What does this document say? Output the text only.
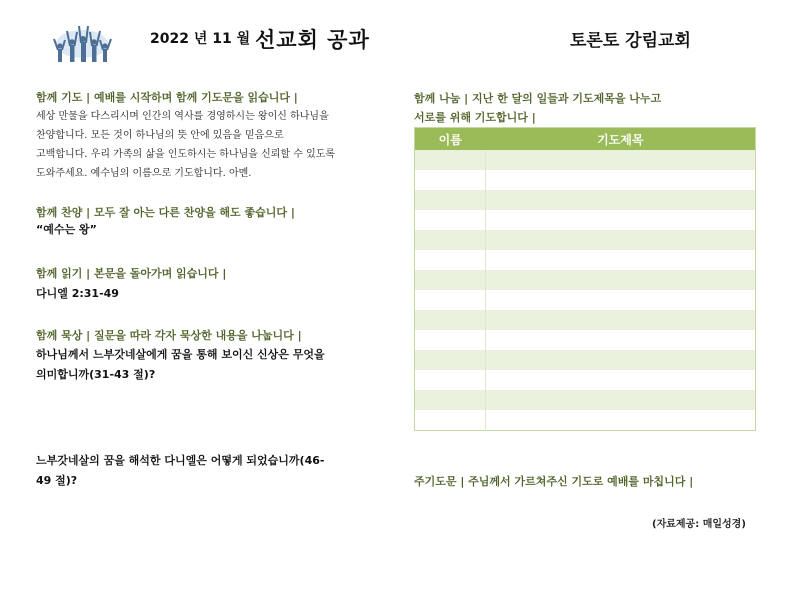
2022 년 11 월 선교회 공과	토론토 강림교회
함께 기도 | 예배를 시작하며 함께 기도문을 읽습니다 |
세상 만물을 다스리시며 인간의 역사를 경영하시는 왕이신 하나님을
찬양합니다. 모든 것이 하나님의 뜻 안에 있음을 믿음으로
고백합니다. 우리 가족의 삶을 인도하시는 하나님을 신뢰할 수 있도록
도와주세요. 예수님의 이름으로 기도합니다. 아멘.
함께 찬양 | 모두 잘 아는 다른 찬양을 해도 좋습니다 |
“예수는 왕”
함께 읽기 | 본문을 돌아가며 읽습니다 |
다니엘 2:31-49
함께 묵상 | 질문을 따라 각자 묵상한 내용을 나눕니다 |
하나님께서 느부갓네살에게 꿈을 통해 보이신 신상은 무엇을
의미합니까(31-43 절)?
느부갓네살의 꿈을 해석한 다니엘은 어떻게 되었습니까(46-
49 절)?
함께 나눔 | 지난 한 달의 일들과 기도제목을 나누고
서로를 위해 기도합니다 |
이름	기도제목

주기도문 | 주님께서 가르쳐주신 기도로 예배를 마칩니다 |
(자료제공: 매일성경)
